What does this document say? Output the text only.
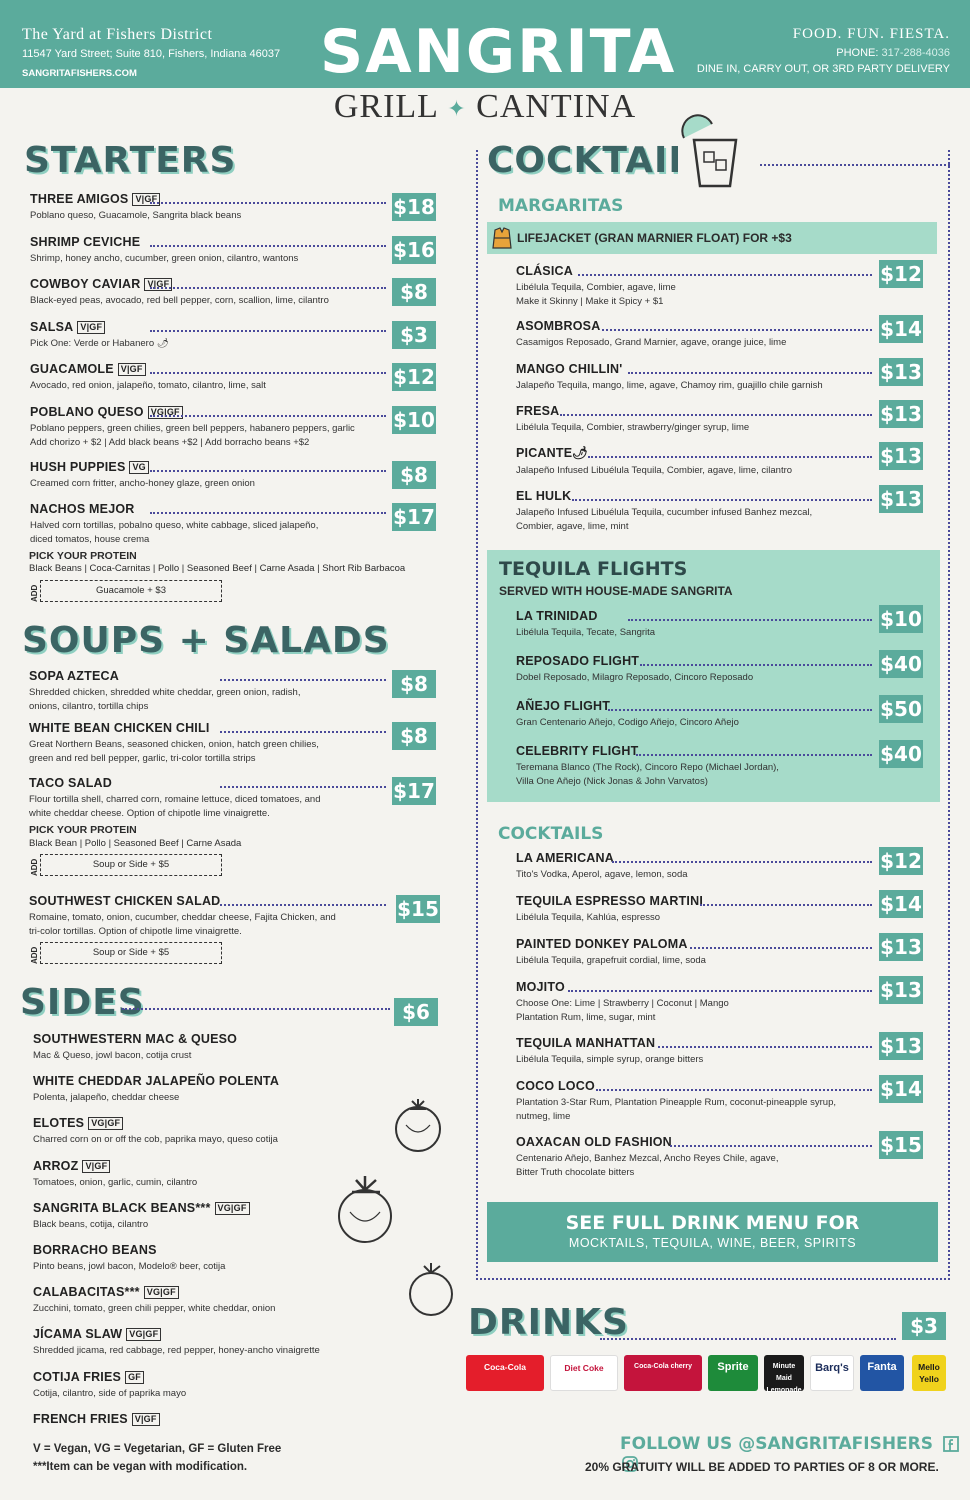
The Yard at Fishers District
11547 Yard Street; Suite 810, Fishers, Indiana 46037
SANGRITAFISHERS.COM
FOOD. FUN. FIESTA.
PHONE: 317-288-4036
DINE IN, CARRY OUT, OR 3RD PARTY DELIVERY
SANGRITA
GRILL ✦ CANTINA
STARTERS
THREE AMIGOS V|GF
Poblano queso, Guacamole, Sangrita black beans	$18
SHRIMP CEVICHE
Shrimp, honey ancho, cucumber, green onion, cilantro, wantons	$16
COWBOY CAVIAR V|GF
Black-eyed peas, avocado, red bell pepper, corn, scallion, lime, cilantro	$8
SALSA V|GF
Pick One: Verde or Habanero 🌶	$3
GUACAMOLE V|GF
Avocado, red onion, jalapeño, tomato, cilantro, lime, salt	$12
POBLANO QUESO VG|GF
Poblano peppers, green chilies, green bell peppers, habanero peppers, garlic
Add chorizo + $2 | Add black beans +$2 | Add borracho beans +$2
$10
HUSH PUPPIES VG
Creamed corn fritter, ancho-honey glaze, green onion	$8
NACHOS MEJOR
Halved corn tortillas, pobalno queso, white cabbage, sliced jalapeño,
diced tomatos, house crema
$17
PICK YOUR PROTEIN
Black Beans | Coca-Carnitas | Pollo | Seasoned Beef | Carne Asada | Short Rib Barbacoa
ADD	Guacamole + $3
SOUPS + SALADS
SOPA AZTECA
Shredded chicken, shredded white cheddar, green onion, radish,
onions, cilantro, tortilla chips
$8
WHITE BEAN CHICKEN CHILI
Great Northern Beans, seasoned chicken, onion, hatch green chilies,
green and red bell pepper, garlic, tri-color tortilla strips
$8
TACO SALAD
Flour tortilla shell, charred corn, romaine lettuce, diced tomatoes, and
white cheddar cheese. Option of chipotle lime vinaigrette.
$17
SOUTHWEST CHICKEN SALAD
Romaine, tomato, onion, cucumber, cheddar cheese, Fajita Chicken, and
tri-color tortillas. Option of chipotle lime vinaigrette.
$15
PICK YOUR PROTEIN
Black Bean | Pollo | Seasoned Beef | Carne Asada
ADD	Soup or Side + $5
ADD	Soup or Side + $5
SIDES	$6
SOUTHWESTERN MAC & QUESO
Mac & Queso, jowl bacon, cotija crust
WHITE CHEDDAR JALAPEÑO POLENTA
Polenta, jalapeño, cheddar cheese
ELOTES VG|GF
Charred corn on or off the cob, paprika mayo, queso cotija
ARROZ V|GF
Tomatoes, onion, garlic, cumin, cilantro
SANGRITA BLACK BEANS*** VG|GF
Black beans, cotija, cilantro
BORRACHO BEANS
Pinto beans, jowl bacon, Modelo® beer, cotija
CALABACITAS*** VG|GF
Zucchini, tomato, green chili pepper, white cheddar, onion
JÍCAMA SLAW VG|GF
Shredded jicama, red cabbage, red pepper, honey-ancho vinaigrette
COTIJA FRIES GF
Cotija, cilantro, side of paprika mayo
FRENCH FRIES V|GF
V = Vegan, VG = Vegetarian, GF = Gluten Free
***Item can be vegan with modification.
COCKTAILS
MARGARITAS
LIFEJACKET (GRAN MARNIER FLOAT) FOR +$3
CLÁSICA
Libélula Tequila, Combier, agave, lime
Make it Skinny | Make it Spicy + $1
$12
ASOMBROSA
Casamigos Reposado, Grand Marnier, agave, orange juice, lime
$14
MANGO CHILLIN'
Jalapeño Tequila, mango, lime, agave, Chamoy rim, guajillo chile garnish
$13
FRESA
Libélula Tequila, Combier, strawberry/ginger syrup, lime
$13
PICANTE🌶
Jalapeño Infused Libuélula Tequila, Combier, agave, lime, cilantro
$13
EL HULK
Jalapeño Infused Libuélula Tequila, cucumber infused Banhez mezcal,
Combier, agave, lime, mint
$13
TEQUILA FLIGHTS
SERVED WITH HOUSE-MADE SANGRITA
LA TRINIDAD
Libélula Tequila, Tecate, Sangrita
$10
REPOSADO FLIGHT
Dobel Reposado, Milagro Reposado, Cincoro Reposado
$40
AÑEJO FLIGHT
Gran Centenario Añejo, Codigo Añejo, Cincoro Añejo
$50
CELEBRITY FLIGHT
Teremana Blanco (The Rock), Cincoro Repo (Michael Jordan),
Villa One Añejo (Nick Jonas & John Varvatos)
$40
COCKTAILS
LA AMERICANA
Tito's Vodka, Aperol, agave, lemon, soda
$12
TEQUILA ESPRESSO MARTINI
Libélula Tequila, Kahlúa, espresso
$14
PAINTED DONKEY PALOMA
Libélula Tequila, grapefruit cordial, lime, soda
$13
MOJITO
Choose One: Lime | Strawberry | Coconut | Mango
Plantation Rum, lime, sugar, mint
$13
TEQUILA MANHATTAN
Libélula Tequila, simple syrup, orange bitters
$13
COCO LOCO
Plantation 3-Star Rum, Plantation Pineapple Rum, coconut-pineapple syrup,
nutmeg, lime
$14
OAXACAN OLD FASHION
Centenario Añejo, Banhez Mezcal, Ancho Reyes Chile, agave,
Bitter Truth chocolate bitters
$15
SEE FULL DRINK MENU FOR
MOCKTAILS, TEQUILA, WINE, BEER, SPIRITS
DRINKS	$3
Coca-Cola	Diet Coke	Coca-Cola cherry	Sprite	Minute Maid Lemonade
Barq's	Fanta	Mello Yello
FOLLOW US @SANGRITAFISHERS
20% GRATUITY WILL BE ADDED TO PARTIES OF 8 OR MORE.
